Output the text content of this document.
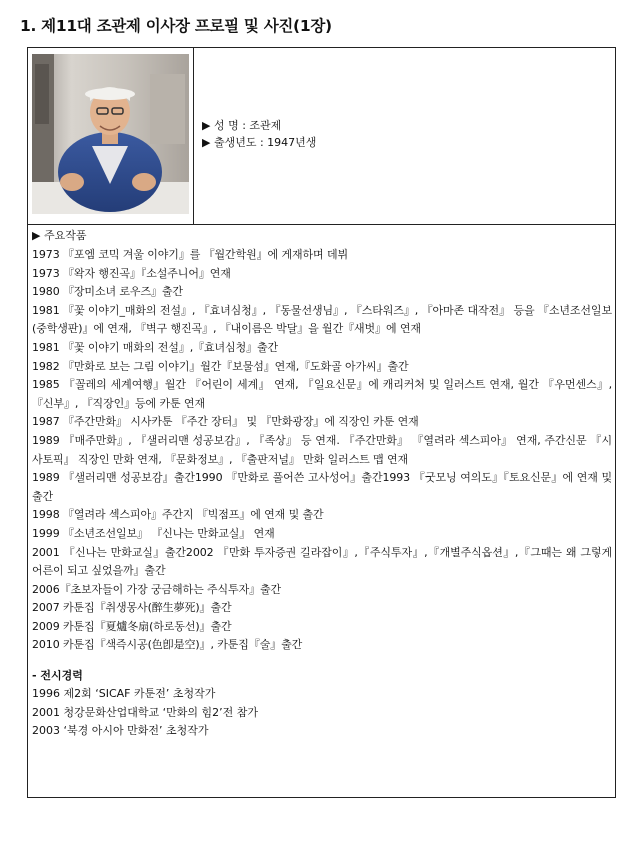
1. 제11대 조관제 이사장 프로필 및 사진(1장)
▶ 성 명 : 조관제
▶ 출생년도 : 1947년생
▶ 주요작품
1973 『포엠 코믹 겨울 이야기』를 『월간학원』에 게재하며 데뷔
1973 『왁자 행진곡』『소설주니어』연재
1980 『장미소녀 로우즈』출간
1981 『꽃 이야기_매화의 전설』, 『효녀심청』, 『동물선생님』, 『스타워즈』, 『아마존 대작전』 등을 『소년조선일보(중학생판)』에 연재, 『벽구 행진곡』, 『내이름은 박달』을 월간『새벗』에 연재
1981 『꽃 이야기 매화의 전설』,『효녀심청』출간
1982 『만화로 보는 그림 이야기』월간『보물섬』연재,『도화골 아가씨』출간
1985 『꼴레의 세계여행』월간 『어린이 세계』 연재, 『일요신문』에 캐리커처 및 일러스트 연재, 월간 『우먼센스』, 『신부』, 『직장인』등에 카툰 연재
1987 『주간만화』 시사카툰 『주간 장터』 및 『만화광장』에 직장인 카툰 연재
1989 『매주만화』, 『샐러리맨 성공보감』, 『족상』 등 연재. 『주간만화』 『열려라 섹스피아』 연재, 주간신문 『시사토픽』 직장인 만화 연재, 『문화정보』, 『출판저널』 만화 일러스트 맵 연재
1989 『샐러리맨 성공보감』출간1990 『만화로 풀어쓴 고사성어』출간1993 『굿모닝 여의도』『토요신문』에 연재 및 출간
1998 『열려라 섹스피아』주간지 『빅점프』에 연재 및 출간
1999 『소년조선일보』 『신나는 만화교실』 연재
2001 『신나는 만화교실』출간2002 『만화 투자증권 길라잡이』,『주식투자』,『개별주식옵션』,『그때는 왜 그렇게 어른이 되고 싶었을까』출간
2006『초보자들이 가장 궁금해하는 주식투자』출간
2007 카툰집『취생몽사(醉生夢死)』출간
2009 카툰집『夏爐冬扇(하로동선)』출간
2010 카툰집『색즉시공(色卽是空)』, 카툰집『술』출간
- 전시경력
1996 제2회 ‘SICAF 카툰전’ 초청작가
2001 청강문화산업대학교 ‘만화의 힘2’전 참가
2003 ‘북경 아시아 만화전’ 초청작가
